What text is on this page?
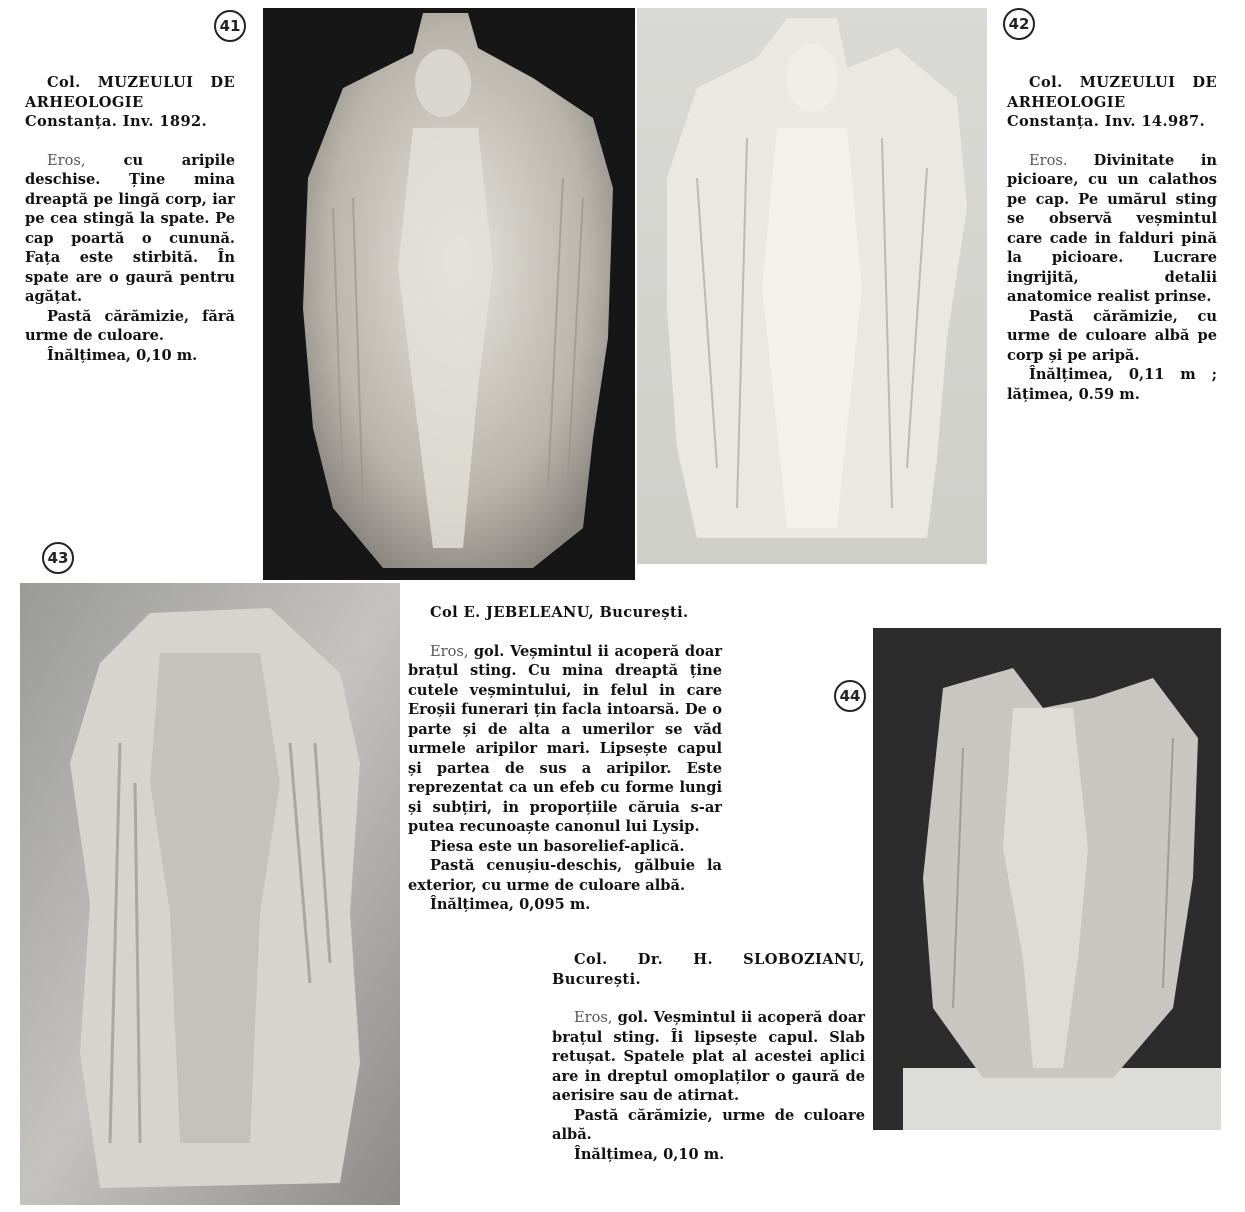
41	42
43
44

Col. MUZEULUI DE ARHEOLOGIE Constanța. Inv. 1892.

Eros,	cu aripile deschise. Ține mina dreaptă pe lingă corp, iar pe cea stingă la spate. Pe cap poartă o cunună. Fața este stirbită. În spate are o gaură pentru agățat.

Pastă cărămizie, fără urme de culoare.

Înălțimea, 0,10 m.

Col. MUZEULUI DE ARHEOLOGIE Constanța. Inv. 14.987.

Eros. Divinitate in picioare, cu un calathos pe cap. Pe umărul sting se observă veșmintul care cade in falduri pină la picioare. Lucrare ingrijită, detalii anatomice realist prinse.

Pastă cărămizie, cu urme de culoare albă pe corp și pe aripă.

Înălțimea, 0,11 m ; lățimea, 0.59 m.

Col E. JEBELEANU, București.

Eros, gol. Veșmintul ii acoperă doar brațul sting. Cu mina dreaptă ține cutele veșmintului, in felul in care Eroșii funerari țin facla intoarsă. De o parte și de alta a umerilor se văd urmele aripilor mari. Lipsește capul și partea de sus a aripilor. Este reprezentat ca un efeb cu forme lungi și subțiri, in proporțiile căruia s-ar putea recunoaște canonul lui Lysip.

Piesa este un basorelief-aplică.

Pastă cenușiu-deschis, gălbuie la exterior, cu urme de culoare albă.

Înălțimea, 0,095 m.

Col. Dr. H. SLOBOZIANU, București.

Eros, gol. Veșmintul ii acoperă doar brațul sting. Îi lipsește capul. Slab retușat. Spatele plat al acestei aplici are in dreptul omoplaților o gaură de aerisire sau de atirnat.

Pastă cărămizie, urme de culoare albă.

Înălțimea, 0,10 m.
